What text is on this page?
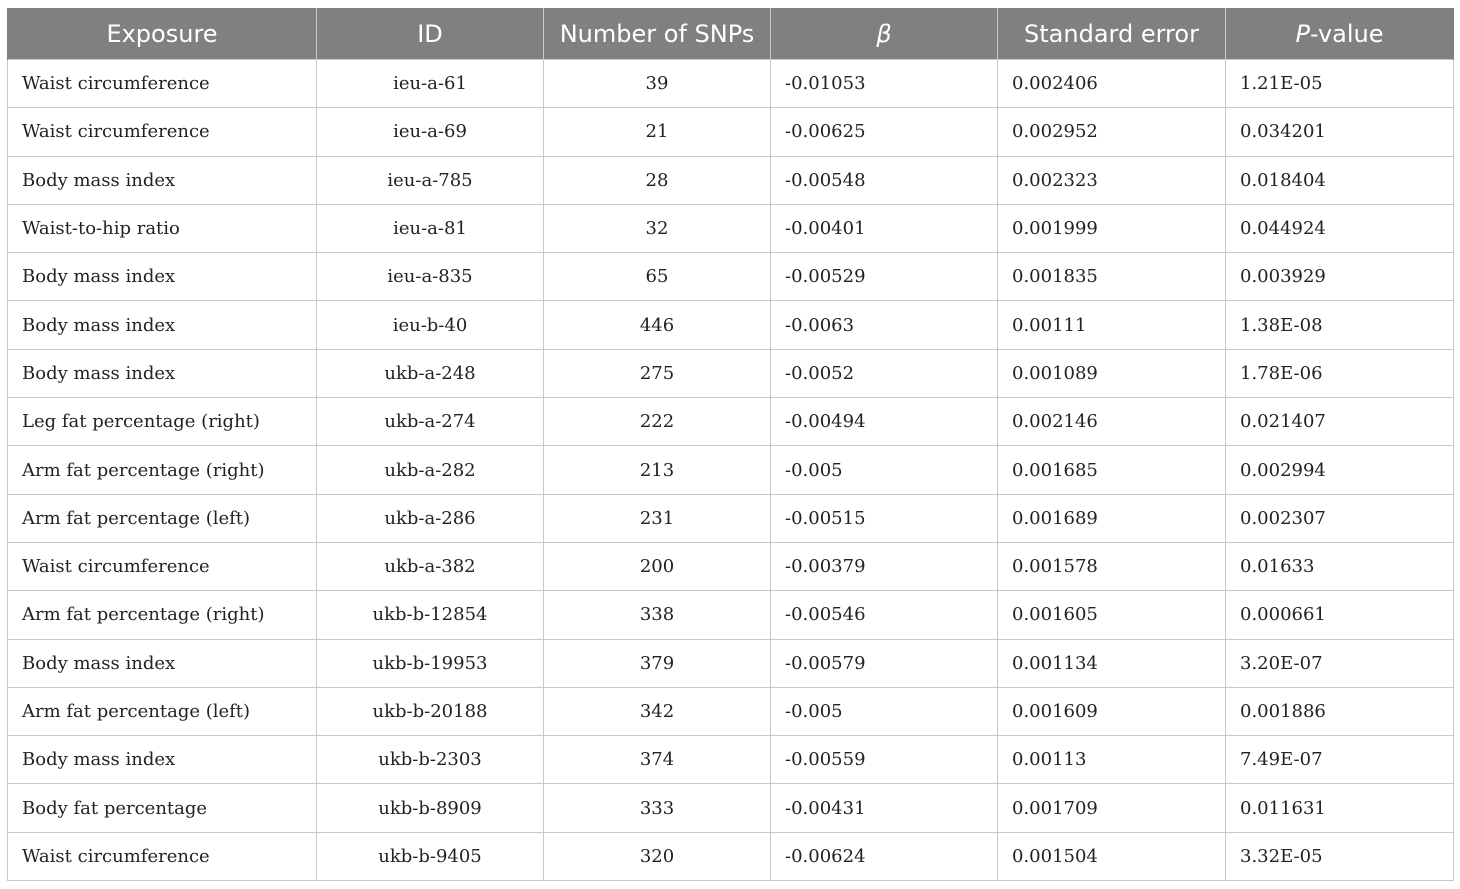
Exposure	ID	Number of SNPs	β	Standard error	P-value
Waist circumference	ieu-a-61	39	-0.01053	0.002406	1.21E-05
Waist circumference	ieu-a-69	21	-0.00625	0.002952	0.034201
Body mass index	ieu-a-785	28	-0.00548	0.002323	0.018404
Waist-to-hip ratio	ieu-a-81	32	-0.00401	0.001999	0.044924
Body mass index	ieu-a-835	65	-0.00529	0.001835	0.003929
Body mass index	ieu-b-40	446	-0.0063	0.00111	1.38E-08
Body mass index	ukb-a-248	275	-0.0052	0.001089	1.78E-06
Leg fat percentage (right)	ukb-a-274	222	-0.00494	0.002146	0.021407
Arm fat percentage (right)	ukb-a-282	213	-0.005	0.001685	0.002994
Arm fat percentage (left)	ukb-a-286	231	-0.00515	0.001689	0.002307
Waist circumference	ukb-a-382	200	-0.00379	0.001578	0.01633
Arm fat percentage (right)	ukb-b-12854	338	-0.00546	0.001605	0.000661
Body mass index	ukb-b-19953	379	-0.00579	0.001134	3.20E-07
Arm fat percentage (left)	ukb-b-20188	342	-0.005	0.001609	0.001886
Body mass index	ukb-b-2303	374	-0.00559	0.00113	7.49E-07
Body fat percentage	ukb-b-8909	333	-0.00431	0.001709	0.011631
Waist circumference	ukb-b-9405	320	-0.00624	0.001504	3.32E-05
